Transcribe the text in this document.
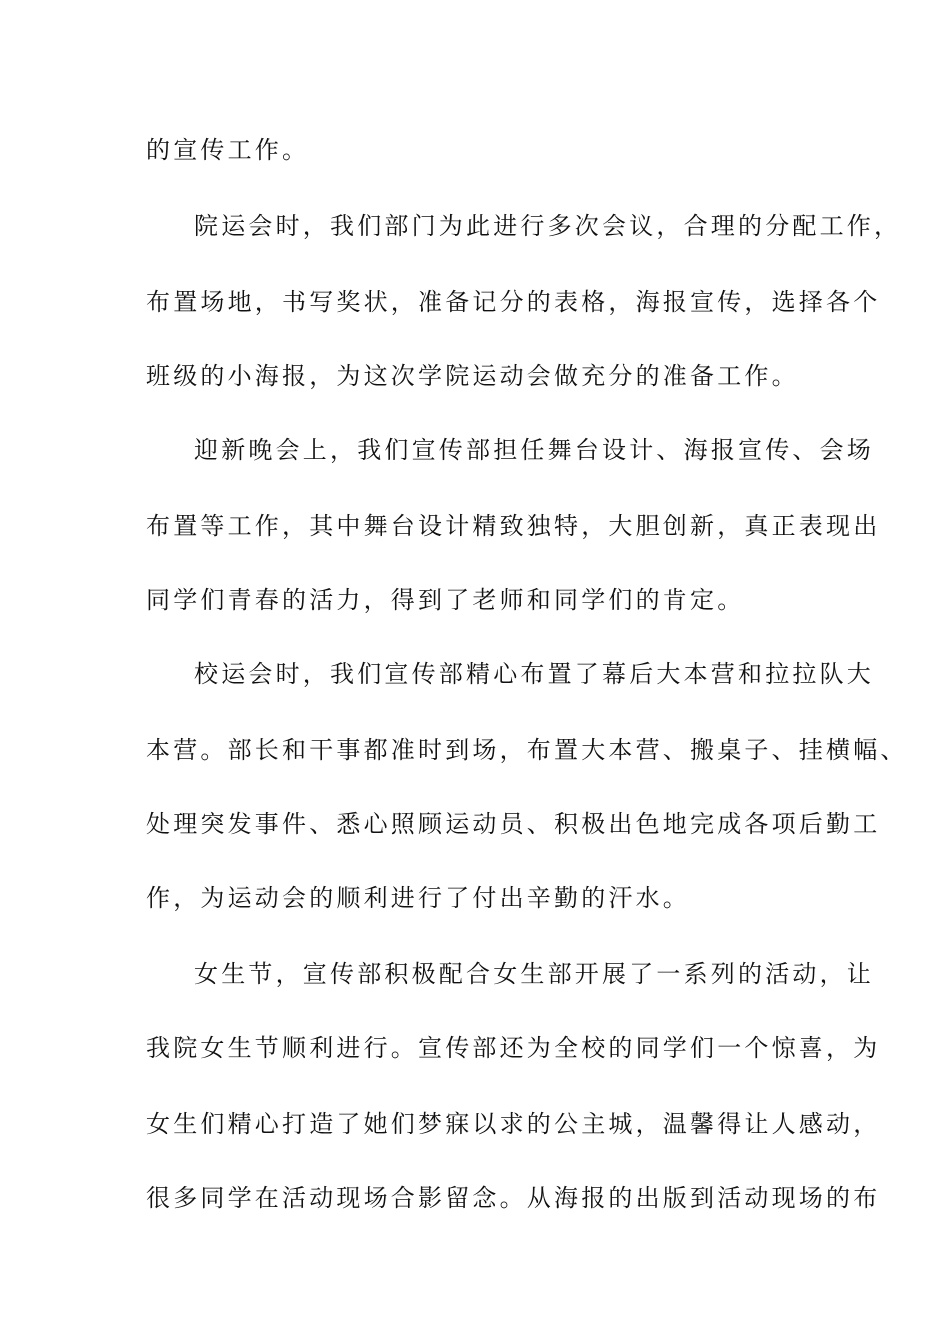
的宣传工作。
院运会时，我们部门为此进行多次会议，合理的分配工作，
布置场地，书写奖状，准备记分的表格，海报宣传，选择各个
班级的小海报，为这次学院运动会做充分的准备工作。
迎新晚会上，我们宣传部担任舞台设计、海报宣传、会场
布置等工作，其中舞台设计精致独特，大胆创新，真正表现出
同学们青春的活力，得到了老师和同学们的肯定。
校运会时，我们宣传部精心布置了幕后大本营和拉拉队大
本营。部长和干事都准时到场，布置大本营、搬桌子、挂横幅、
处理突发事件、悉心照顾运动员、积极出色地完成各项后勤工
作，为运动会的顺利进行了付出辛勤的汗水。
女生节，宣传部积极配合女生部开展了一系列的活动，让
我院女生节顺利进行。宣传部还为全校的同学们一个惊喜，为
女生们精心打造了她们梦寐以求的公主城，温馨得让人感动，
很多同学在活动现场合影留念。从海报的出版到活动现场的布
